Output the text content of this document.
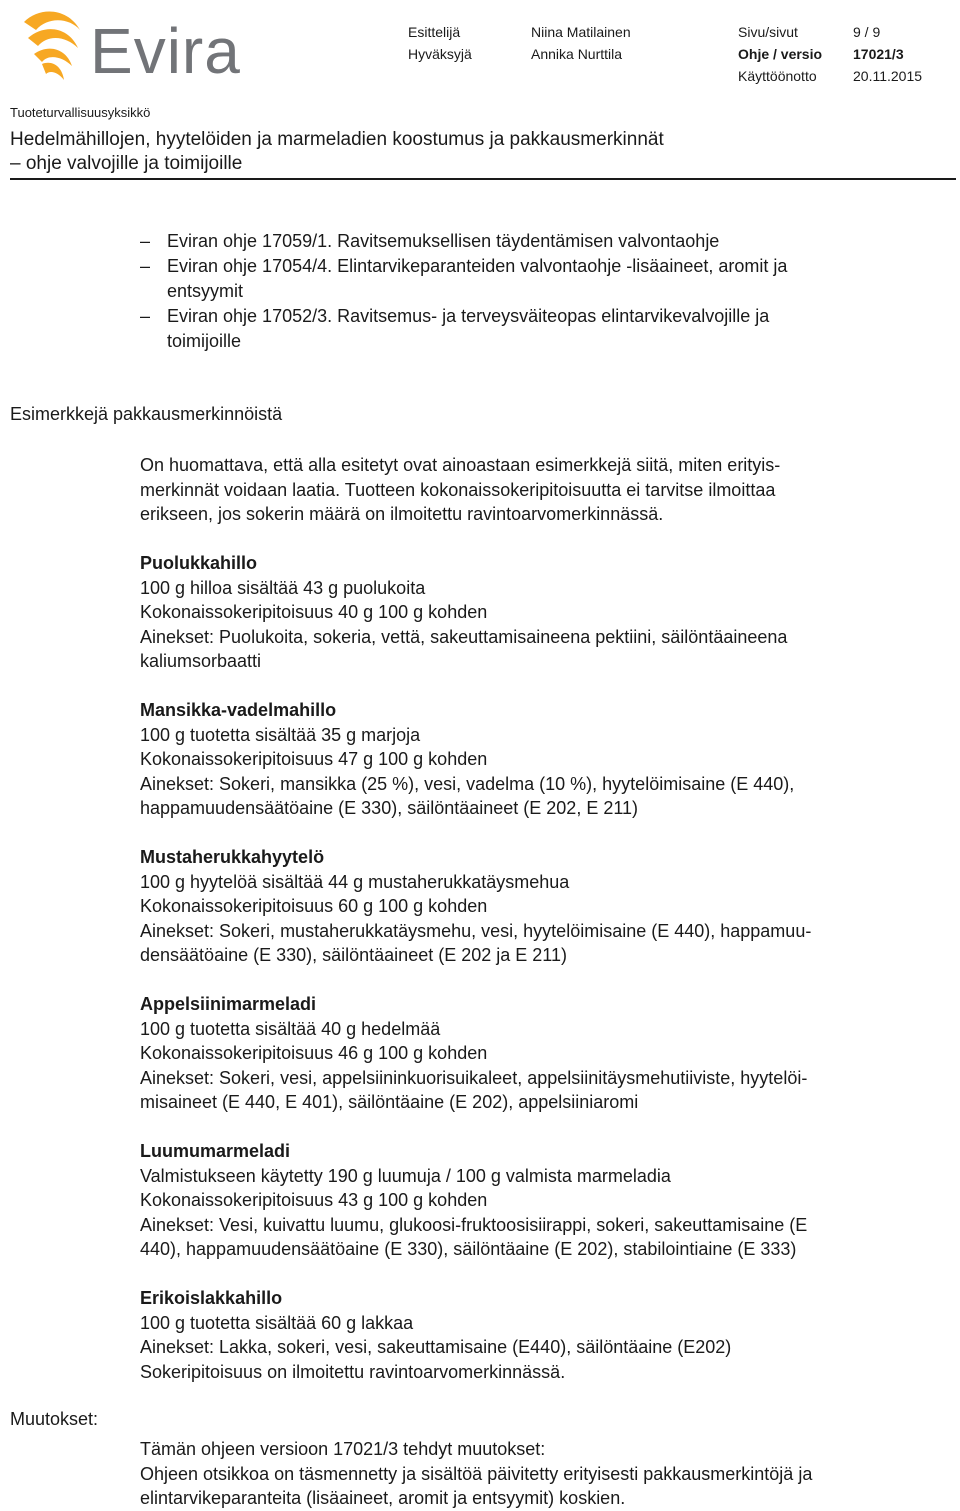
Evira	Esittelijä	Niina Matilainen	Sivu/sivut	9 / 9
Hyväksyjä	Annika Nurttila	Ohje / versio 17021/3
Käyttöönotto	20.11.2015
Tuoteturvallisuusyksikkö
Hedelmähillojen, hyytelöiden ja marmeladien koostumus ja pakkausmerkinnät
– ohje valvojille ja toimijoille
– Eviran ohje 17059/1. Ravitsemuksellisen täydentämisen valvontaohje
– Eviran ohje 17054/4. Elintarvikeparanteiden valvontaohje -lisäaineet, aromit ja
entsyymit
– Eviran ohje 17052/3. Ravitsemus- ja terveysväiteopas elintarvikevalvojille ja
toimijoille
Esimerkkejä pakkausmerkinnöistä
On huomattava, että alla esitetyt ovat ainoastaan esimerkkejä siitä, miten erityis-
merkinnät voidaan laatia. Tuotteen kokonaissokeripitoisuutta ei tarvitse ilmoittaa
erikseen, jos sokerin määrä on ilmoitettu ravintoarvomerkinnässä.
Puolukkahillo
100 g hilloa sisältää 43 g puolukoita
Kokonaissokeripitoisuus 40 g 100 g kohden
Ainekset: Puolukoita, sokeria, vettä, sakeuttamisaineena pektiini, säilöntäaineena
kaliumsorbaatti
Mansikka-vadelmahillo
100 g tuotetta sisältää 35 g marjoja
Kokonaissokeripitoisuus 47 g 100 g kohden
Ainekset: Sokeri, mansikka (25 %), vesi, vadelma (10 %), hyytelöimisaine (E 440),
happamuudensäätöaine (E 330), säilöntäaineet (E 202, E 211)
Mustaherukkahyytelö
100 g hyytelöä sisältää 44 g mustaherukkatäysmehua
Kokonaissokeripitoisuus 60 g 100 g kohden
Ainekset: Sokeri, mustaherukkatäysmehu, vesi, hyytelöimisaine (E 440), happamuu-
densäätöaine (E 330), säilöntäaineet (E 202 ja E 211)
Appelsiinimarmeladi
100 g tuotetta sisältää 40 g hedelmää
Kokonaissokeripitoisuus 46 g 100 g kohden
Ainekset: Sokeri, vesi, appelsiininkuorisuikaleet, appelsiinitäysmehutiiviste, hyytelöi-
misaineet (E 440, E 401), säilöntäaine (E 202), appelsiiniaromi
Luumumarmeladi
Valmistukseen käytetty 190 g luumuja / 100 g valmista marmeladia
Kokonaissokeripitoisuus 43 g 100 g kohden
Ainekset: Vesi, kuivattu luumu, glukoosi-fruktoosisiirappi, sokeri, sakeuttamisaine (E
440), happamuudensäätöaine (E 330), säilöntäaine (E 202), stabilointiaine (E 333)
Erikoislakkahillo
100 g tuotetta sisältää 60 g lakkaa
Ainekset: Lakka, sokeri, vesi, sakeuttamisaine (E440), säilöntäaine (E202)
Sokeripitoisuus on ilmoitettu ravintoarvomerkinnässä.
Muutokset:
Tämän ohjeen versioon 17021/3 tehdyt muutokset:
Ohjeen otsikkoa on täsmennetty ja sisältöä päivitetty erityisesti pakkausmerkintöjä ja
elintarvikeparanteita (lisäaineet, aromit ja entsyymit) koskien.
